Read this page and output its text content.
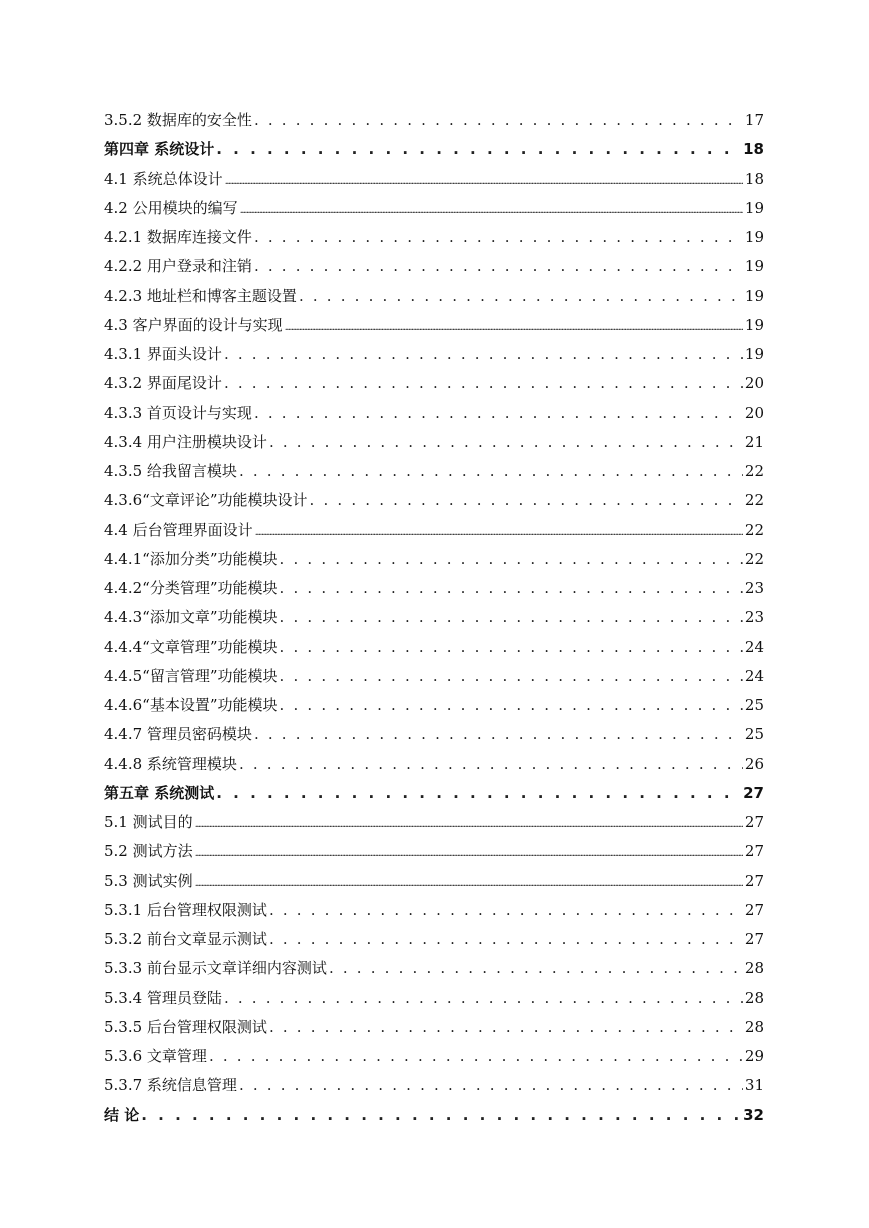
3.5.2 数据库的安全性 . . .	17
第四章 系统设计 . . .	18
4.1 系统总体设计 .....	18
4.2 公用模块的编写 .....	19
4.2.1 数据库连接文件 . . .	19
4.2.2 用户登录和注销 . . .	19
4.2.3 地址栏和博客主题设置 . . .	19
4.3 客户界面的设计与实现 .....	19
4.3.1 界面头设计 . . .	19
4.3.2 界面尾设计 . . .	20
4.3.3 首页设计与实现 . . .	20
4.3.4 用户注册模块设计 . . .	21
4.3.5 给我留言模块 . . .	22
4.3.6“文章评论”功能模块设计 . . .	22
4.4 后台管理界面设计 .....	22
4.4.1“添加分类”功能模块 . . .	22
4.4.2“分类管理”功能模块 . . .	23
4.4.3“添加文章”功能模块 . . .	23
4.4.4“文章管理”功能模块 . . .	24
4.4.5“留言管理”功能模块 . . .	24
4.4.6“基本设置”功能模块 . . .	25
4.4.7 管理员密码模块 . . .	25
4.4.8 系统管理模块 . . .	26
第五章 系统测试 . . .	27
5.1 测试目的 .....	27
5.2 测试方法 .....	27
5.3 测试实例 .....	27
5.3.1 后台管理权限测试 . . .	27
5.3.2 前台文章显示测试 . . .	27
5.3.3 前台显示文章详细内容测试 . . .	28
5.3.4 管理员登陆 . . .	28
5.3.5 后台管理权限测试 . . .	28
5.3.6 文章管理 . . .	29
5.3.7 系统信息管理 . . .	31
结 论 . . .	32
